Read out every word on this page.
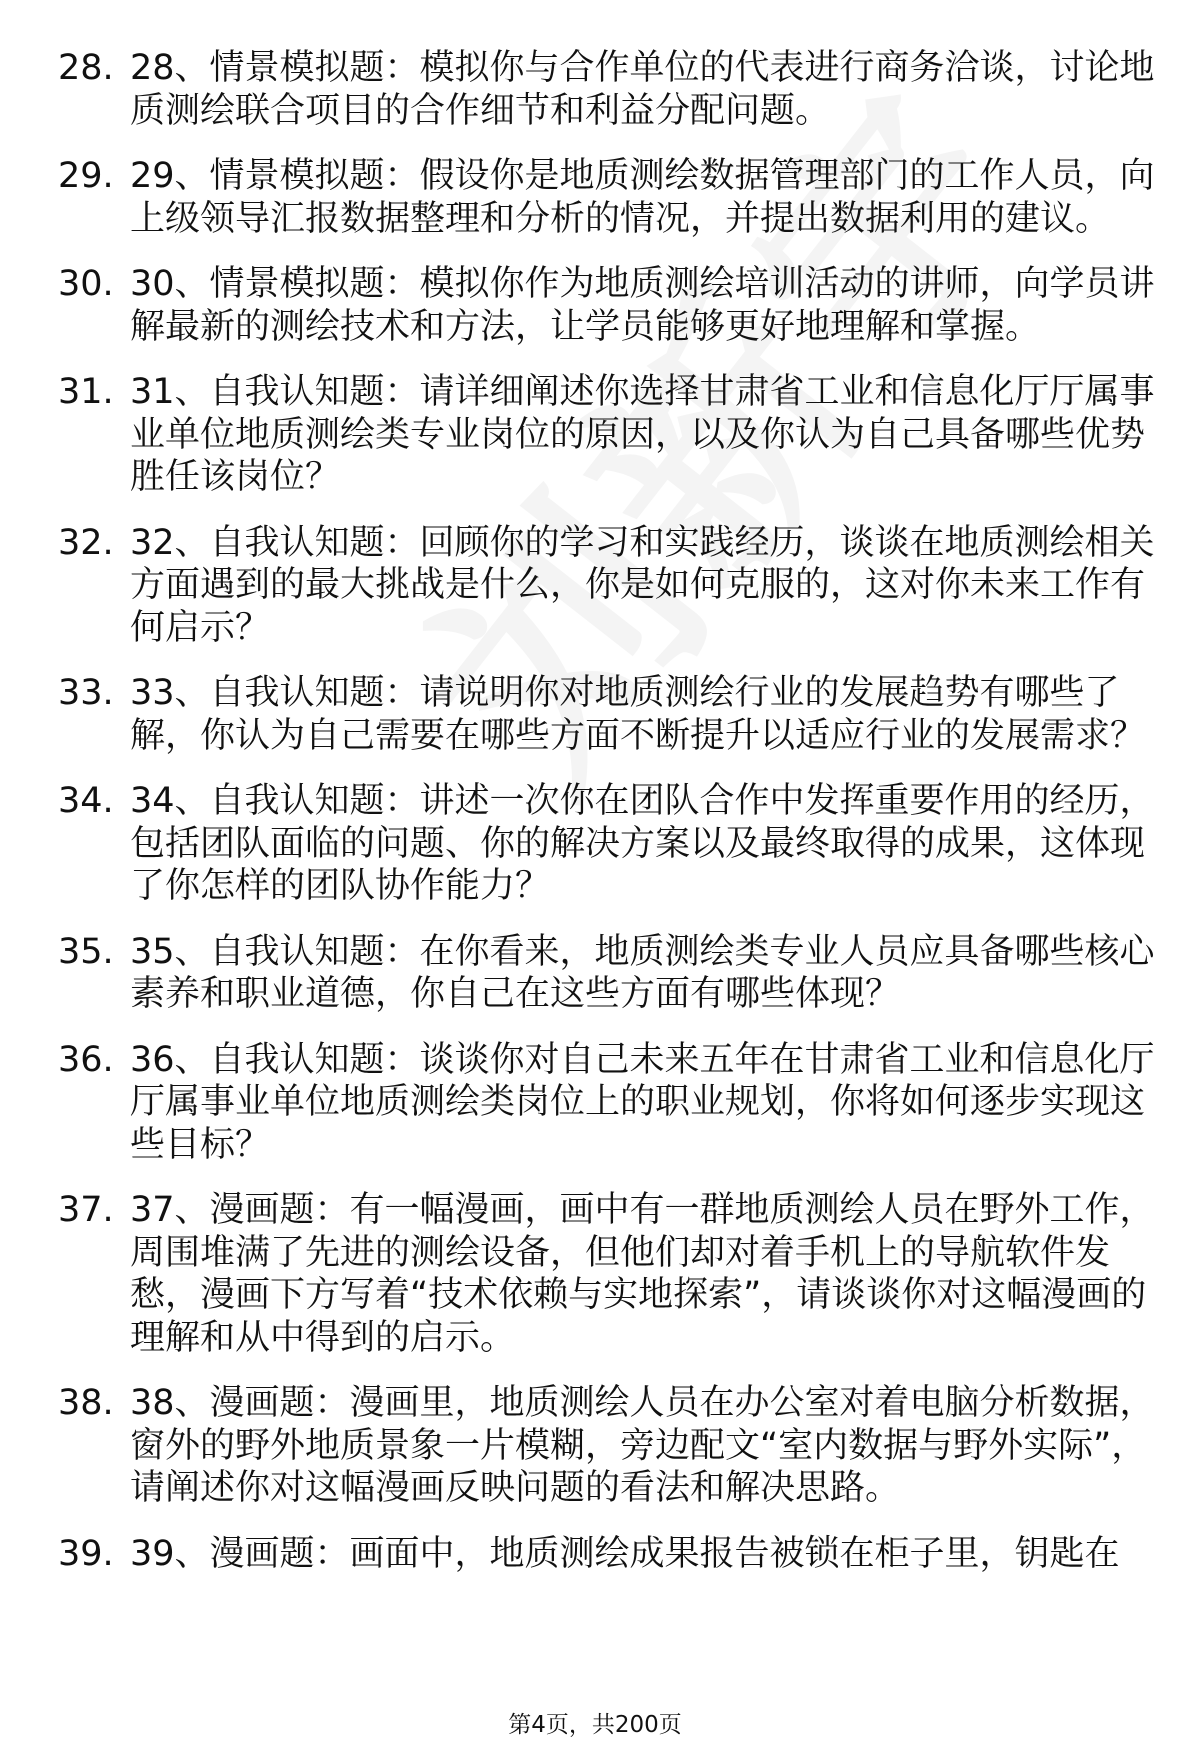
28. 28、情景模拟题：模拟你与合作单位的代表进行商务洽谈，讨论地质测绘联合项目的合作细节和利益分配问题。
29. 29、情景模拟题：假设你是地质测绘数据管理部门的工作人员，向上级领导汇报数据整理和分析的情况，并提出数据利用的建议。
30. 30、情景模拟题：模拟你作为地质测绘培训活动的讲师，向学员讲解最新的测绘技术和方法，让学员能够更好地理解和掌握。
31. 31、自我认知题：请详细阐述你选择甘肃省工业和信息化厅厅属事业单位地质测绘类专业岗位的原因，以及你认为自己具备哪些优势胜任该岗位？
32. 32、自我认知题：回顾你的学习和实践经历，谈谈在地质测绘相关方面遇到的最大挑战是什么，你是如何克服的，这对你未来工作有何启示？
33. 33、自我认知题：请说明你对地质测绘行业的发展趋势有哪些了解，你认为自己需要在哪些方面不断提升以适应行业的发展需求？
34. 34、自我认知题：讲述一次你在团队合作中发挥重要作用的经历，包括团队面临的问题、你的解决方案以及最终取得的成果，这体现了你怎样的团队协作能力？
35. 35、自我认知题：在你看来，地质测绘类专业人员应具备哪些核心素养和职业道德，你自己在这些方面有哪些体现？
36. 36、自我认知题：谈谈你对自己未来五年在甘肃省工业和信息化厅厅属事业单位地质测绘类岗位上的职业规划，你将如何逐步实现这些目标？
37. 37、漫画题：有一幅漫画，画中有一群地质测绘人员在野外工作，周围堆满了先进的测绘设备，但他们却对着手机上的导航软件发愁，漫画下方写着“技术依赖与实地探索”，请谈谈你对这幅漫画的理解和从中得到的启示。
38. 38、漫画题：漫画里，地质测绘人员在办公室对着电脑分析数据，窗外的野外地质景象一片模糊，旁边配文“室内数据与野外实际”，请阐述你对这幅漫画反映问题的看法和解决思路。
39. 39、漫画题：画面中，地质测绘成果报告被锁在柜子里，钥匙在
第4页，共200页
